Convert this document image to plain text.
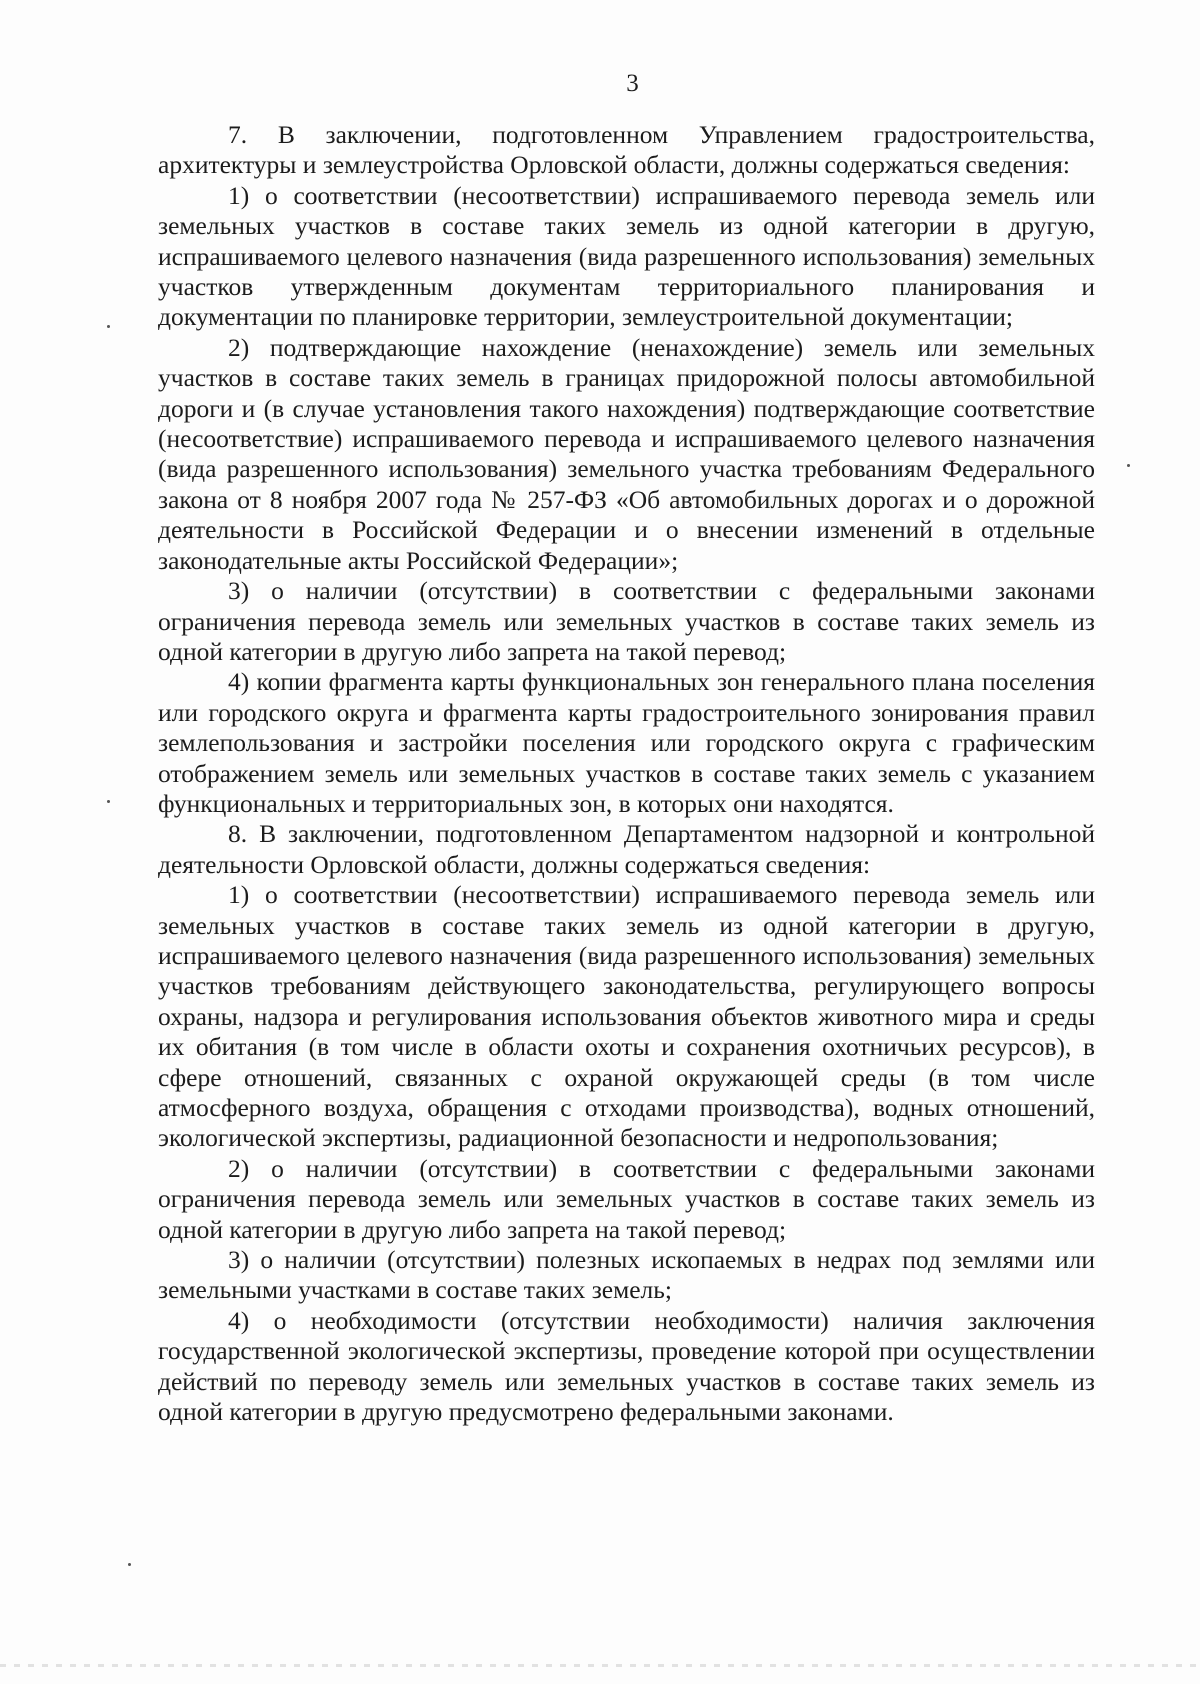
3

7. В заключении, подготовленном Управлением градостроительства, архитектуры и землеустройства Орловской области, должны содержаться сведения:

1) о соответствии (несоответствии) испрашиваемого перевода земель или земельных участков в составе таких земель из одной категории в другую, испрашиваемого целевого назначения (вида разрешенного использования) земельных участков утвержденным документам территориального планирования и документации по планировке территории, землеустроительной документации;

2) подтверждающие нахождение (ненахождение) земель или земельных участков в составе таких земель в границах придорожной полосы автомобильной дороги и (в случае установления такого нахождения) подтверждающие соответствие (несоответствие) испрашиваемого перевода и испрашиваемого целевого назначения (вида разрешенного использования) земельного участка требованиям Федерального закона от 8 ноября 2007 года № 257-ФЗ «Об автомобильных дорогах и о дорожной деятельности в Российской Федерации и о внесении изменений в отдельные законодательные акты Российской Федерации»;

3) о наличии (отсутствии) в соответствии с федеральными законами ограничения перевода земель или земельных участков в составе таких земель из одной категории в другую либо запрета на такой перевод;

4) копии фрагмента карты функциональных зон генерального плана поселения или городского округа и фрагмента карты градостроительного зонирования правил землепользования и застройки поселения или городского округа с графическим отображением земель или земельных участков в составе таких земель с указанием функциональных и территориальных зон, в которых они находятся.

8. В заключении, подготовленном Департаментом надзорной и контрольной деятельности Орловской области, должны содержаться сведения:

1) о соответствии (несоответствии) испрашиваемого перевода земель или земельных участков в составе таких земель из одной категории в другую, испрашиваемого целевого назначения (вида разрешенного использования) земельных участков требованиям действующего законодательства, регулирующего вопросы охраны, надзора и регулирования использования объектов животного мира и среды их обитания (в том числе в области охоты и сохранения охотничьих ресурсов), в сфере отношений, связанных с охраной окружающей среды (в том числе атмосферного воздуха, обращения с отходами производства), водных отношений, экологической экспертизы, радиационной безопасности и недропользования;

2) о наличии (отсутствии) в соответствии с федеральными законами ограничения перевода земель или земельных участков в составе таких земель из одной категории в другую либо запрета на такой перевод;

3) о наличии (отсутствии) полезных ископаемых в недрах под землями или земельными участками в составе таких земель;

4) о необходимости (отсутствии необходимости) наличия заключения государственной экологической экспертизы, проведение которой при осуществлении действий по переводу земель или земельных участков в составе таких земель из одной категории в другую предусмотрено федеральными законами.
